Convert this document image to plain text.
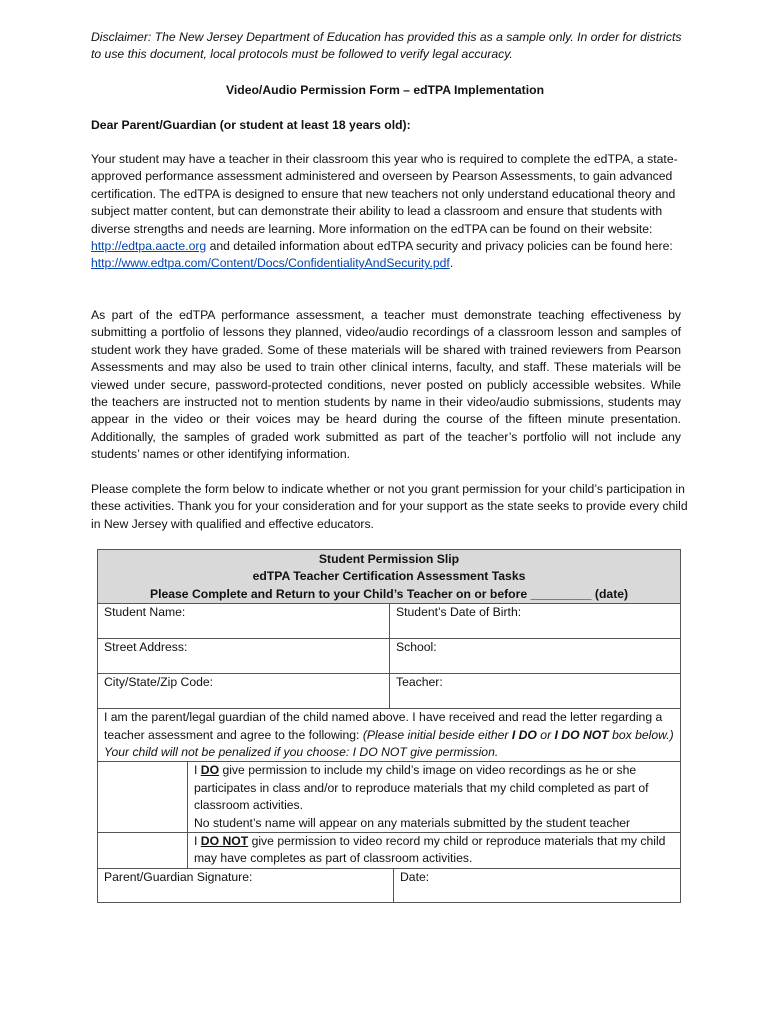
Disclaimer: The New Jersey Department of Education has provided this as a sample only. In order for districts to use this document, local protocols must be followed to verify legal accuracy.
Video/Audio Permission Form – edTPA Implementation
Dear Parent/Guardian (or student at least 18 years old):
Your student may have a teacher in their classroom this year who is required to complete the edTPA, a state-approved performance assessment administered and overseen by Pearson Assessments, to gain advanced certification. The edTPA is designed to ensure that new teachers not only understand educational theory and subject matter content, but can demonstrate their ability to lead a classroom and ensure that students with diverse strengths and needs are learning. More information on the edTPA can be found on their website: http://edtpa.aacte.org and detailed information about edTPA security and privacy policies can be found here: http://www.edtpa.com/Content/Docs/ConfidentialityAndSecurity.pdf.
As part of the edTPA performance assessment, a teacher must demonstrate teaching effectiveness by submitting a portfolio of lessons they planned, video/audio recordings of a classroom lesson and samples of student work they have graded. Some of these materials will be shared with trained reviewers from Pearson Assessments and may also be used to train other clinical interns, faculty, and staff. These materials will be viewed under secure, password-protected conditions, never posted on publicly accessible websites. While the teachers are instructed not to mention students by name in their video/audio submissions, students may appear in the video or their voices may be heard during the course of the fifteen minute presentation. Additionally, the samples of graded work submitted as part of the teacher’s portfolio will not include any students’ names or other identifying information.
Please complete the form below to indicate whether or not you grant permission for your child’s participation in these activities. Thank you for your consideration and for your support as the state seeks to provide every child in New Jersey with qualified and effective educators.
Student Permission Slip
edTPA Teacher Certification Assessment Tasks
Please Complete and Return to your Child’s Teacher on or before _________ (date)			

Student Name:		Student’s Date of Birth:	
Street Address:		School:	
City/State/Zip Code:		Teacher:	
I am the parent/legal guardian of the child named above. I have received and read the letter regarding a teacher assessment and agree to the following: (Please initial beside either I DO or I DO NOT box below.) Your child will not be penalized if you choose: I DO NOT give permission.			
	I DO give permission to include my child’s image on video recordings as he or she participates in class and/or to reproduce materials that my child completed as part of classroom activities.
No student’s name will appear on any materials submitted by the student teacher		
	I DO NOT give permission to video record my child or reproduce materials that my child may have completes as part of classroom activities.		
Parent/Guardian Signature:			Date:
